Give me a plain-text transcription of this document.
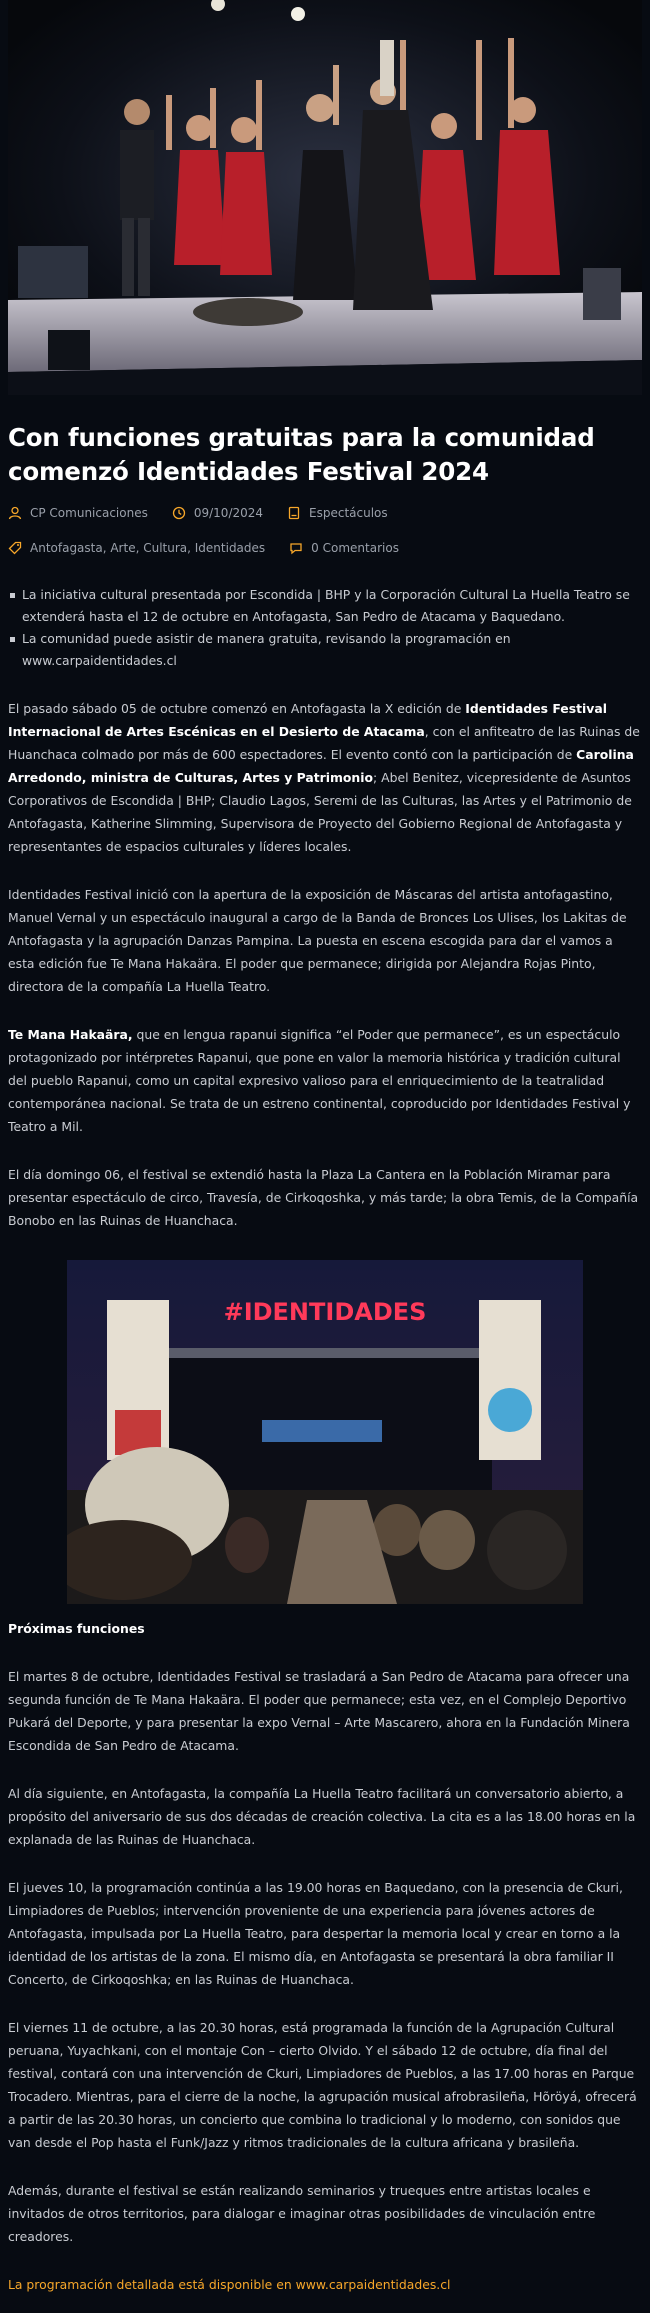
Con funciones gratuitas para la comunidad comenzó Identidades Festival 2024
CP Comunicaciones	09/10/2024	Espectáculos
Antofagasta, Arte, Cultura, Identidades	0 Comentarios
La iniciativa cultural presentada por Escondida | BHP y la Corporación Cultural La Huella Teatro se extenderá hasta el 12 de octubre en Antofagasta, San Pedro de Atacama y Baquedano.
La comunidad puede asistir de manera gratuita, revisando la programación en
www.carpaidentidades.cl

El pasado sábado 05 de octubre comenzó en Antofagasta la X edición de Identidades Festival Internacional de Artes Escénicas en el Desierto de Atacama, con el anfiteatro de las Ruinas de Huanchaca colmado por más de 600 espectadores. El evento contó con la participación de Carolina Arredondo, ministra de Culturas, Artes y Patrimonio; Abel Benitez, vicepresidente de Asuntos Corporativos de Escondida | BHP; Claudio Lagos, Seremi de las Culturas, las Artes y el Patrimonio de Antofagasta, Katherine Slimming, Supervisora de Proyecto del Gobierno Regional de Antofagasta y representantes de espacios culturales y líderes locales.

Identidades Festival inició con la apertura de la exposición de Máscaras del artista antofagastino, Manuel Vernal y un espectáculo inaugural a cargo de la Banda de Bronces Los Ulises, los Lakitas de Antofagasta y la agrupación Danzas Pampina. La puesta en escena escogida para dar el vamos a esta edición fue Te Mana Hakaära. El poder que permanece; dirigida por Alejandra Rojas Pinto, directora de la compañía La Huella Teatro.

Te Mana Hakaära, que en lengua rapanui significa “el Poder que permanece”, es un espectáculo protagonizado por intérpretes Rapanui, que pone en valor la memoria histórica y tradición cultural del pueblo Rapanui, como un capital expresivo valioso para el enriquecimiento de la teatralidad contemporánea nacional. Se trata de un estreno continental, coproducido por Identidades Festival y Teatro a Mil.

El día domingo 06, el festival se extendió hasta la Plaza La Cantera en la Población Miramar para presentar espectáculo de circo, Travesía, de Cirkoqoshka, y más tarde; la obra Temis, de la Compañía Bonobo en las Ruinas de Huanchaca.

#IDENTIDADES
Próximas funciones

El martes 8 de octubre, Identidades Festival se trasladará a San Pedro de Atacama para ofrecer una segunda función de Te Mana Hakaära. El poder que permanece; esta vez, en el Complejo Deportivo Pukará del Deporte, y para presentar la expo Vernal – Arte Mascarero, ahora en la Fundación Minera Escondida de San Pedro de Atacama.

Al día siguiente, en Antofagasta, la compañía La Huella Teatro facilitará un conversatorio abierto, a propósito del aniversario de sus dos décadas de creación colectiva. La cita es a las 18.00 horas en la explanada de las Ruinas de Huanchaca.

El jueves 10, la programación continúa a las 19.00 horas en Baquedano, con la presencia de Ckuri, Limpiadores de Pueblos; intervención proveniente de una experiencia para jóvenes actores de Antofagasta, impulsada por La Huella Teatro, para despertar la memoria local y crear en torno a la identidad de los artistas de la zona. El mismo día, en Antofagasta se presentará la obra familiar II Concerto, de Cirkoqoshka; en las Ruinas de Huanchaca.

El viernes 11 de octubre, a las 20.30 horas, está programada la función de la Agrupación Cultural peruana, Yuyachkani, con el montaje Con – cierto Olvido. Y el sábado 12 de octubre, día final del festival, contará con una intervención de Ckuri, Limpiadores de Pueblos, a las 17.00 horas en Parque Trocadero. Mientras, para el cierre de la noche, la agrupación musical afrobrasileña, Hõröyá, ofrecerá a partir de las 20.30 horas, un concierto que combina lo tradicional y lo moderno, con sonidos que van desde el Pop hasta el Funk/Jazz y ritmos tradicionales de la cultura africana y brasileña.

Además, durante el festival se están realizando seminarios y trueques entre artistas locales e invitados de otros territorios, para dialogar e imaginar otras posibilidades de vinculación entre creadores.

La programación detallada está disponible en www.carpaidentidades.cl
